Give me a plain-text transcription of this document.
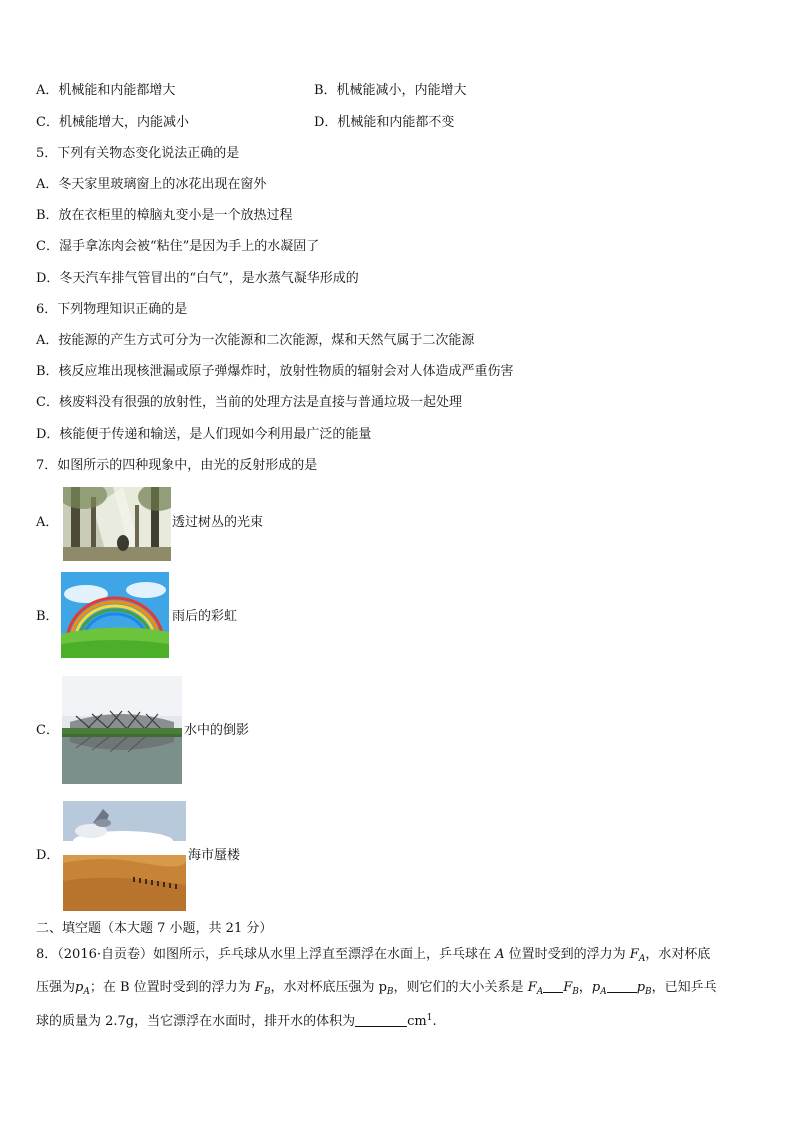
A．机械能和内能都增大	B．机械能减小，内能增大
C．机械能增大，内能减小	D．机械能和内能都不变
5．下列有关物态变化说法正确的是
A．冬天家里玻璃窗上的冰花出现在窗外
B．放在衣柜里的樟脑丸变小是一个放热过程
C．湿手拿冻肉会被“粘住”是因为手上的水凝固了
D．冬天汽车排气管冒出的“白气”，是水蒸气凝华形成的
6．下列物理知识正确的是
A．按能源的产生方式可分为一次能源和二次能源，煤和天然气属于二次能源
B．核反应堆出现核泄漏或原子弹爆炸时，放射性物质的辐射会对人体造成严重伤害
C．核废料没有很强的放射性，当前的处理方法是直接与普通垃圾一起处理
D．核能便于传递和输送，是人们现如今利用最广泛的能量
7．如图所示的四种现象中，由光的反射形成的是
A．	透过树丛的光束
B．	雨后的彩虹
C．	水中的倒影
D．	海市蜃楼
二、填空题（本大题 7 小题，共 21 分）
8．（2016·自贡卷）如图所示，乒乓球从水里上浮直至漂浮在水面上，乒乓球在 A 位置时受到的浮力为 $F_A$，水对杯底
压强为$p_A$；在 B 位置时受到的浮力为 $F_B$，水对杯底压强为 $p_B$，则它们的大小关系是 $F_A$ $F_B$，$p_A$ $p_B$，已知乒乓
球的质量为 2.7g，当它漂浮在水面时，排开水的体积为	$cm^1$.
